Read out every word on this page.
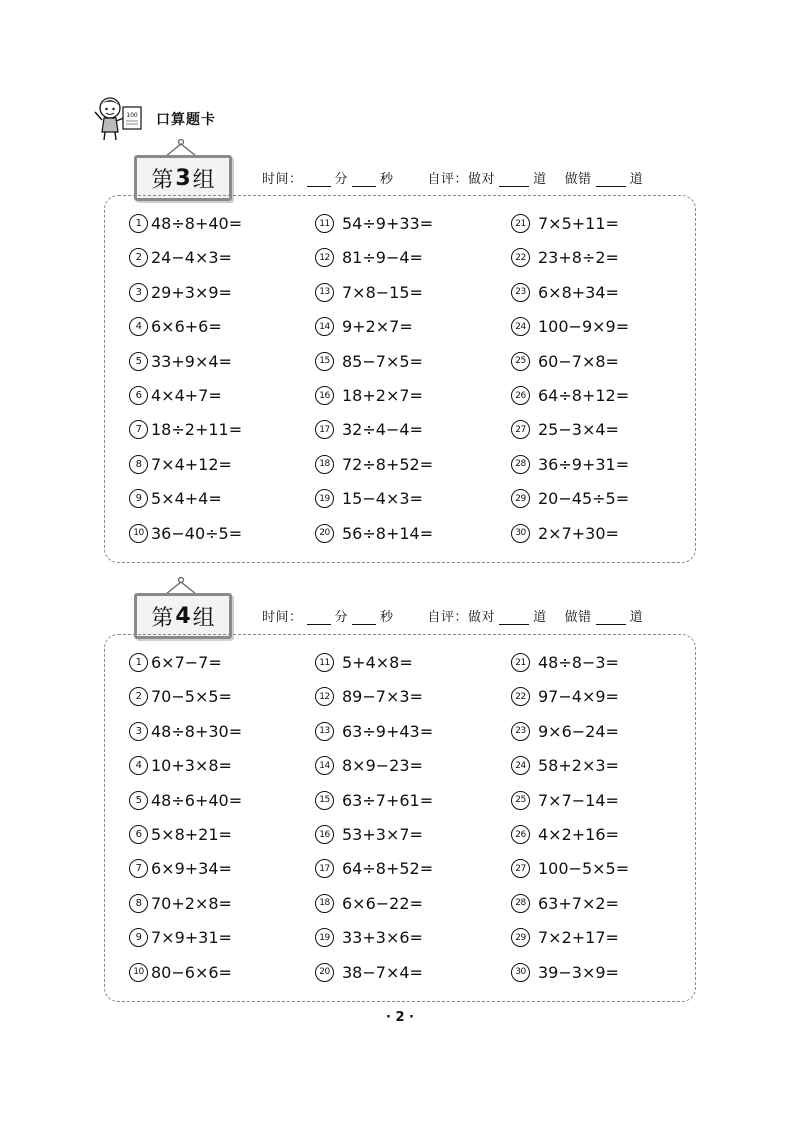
100 口算题卡
第 3 组	时间： 分 秒	自评：做对	道 做错	道
1 48÷8+40=	11 54÷9+33=	21 7×5+11=
2 24−4×3=	12 81÷9−4=	22 23+8÷2=
3 29+3×9=	13 7×8−15=	23 6×8+34=
4 6×6+6=	14 9+2×7=	24 100−9×9=
5 33+9×4=	15 85−7×5=	25 60−7×8=
6 4×4+7=	16 18+2×7=	26 64÷8+12=
7 18÷2+11=	17 32÷4−4=	27 25−3×4=
8 7×4+12=	18 72÷8+52=	28 36÷9+31=
9 5×4+4=	19 15−4×3=	29 20−45÷5=
10 36−40÷5=	20 56÷8+14=	30 2×7+30=
第 4 组	时间： 分 秒	自评：做对	道 做错	道
1 6×7−7=	11 5+4×8=	21 48÷8−3=
2 70−5×5=	12 89−7×3=	22 97−4×9=
3 48÷8+30=	13 63÷9+43=	23 9×6−24=
4 10+3×8=	14 8×9−23=	24 58+2×3=
5 48÷6+40=	15 63÷7+61=	25 7×7−14=
6 5×8+21=	16 53+3×7=	26 4×2+16=
7 6×9+34=	17 64÷8+52=	27 100−5×5=
8 70+2×8=	18 6×6−22=	28 63+7×2=
9 7×9+31=	19 33+3×6=	29 7×2+17=
10 80−6×6=	20 38−7×4=	30 39−3×9=
· 2 ·
